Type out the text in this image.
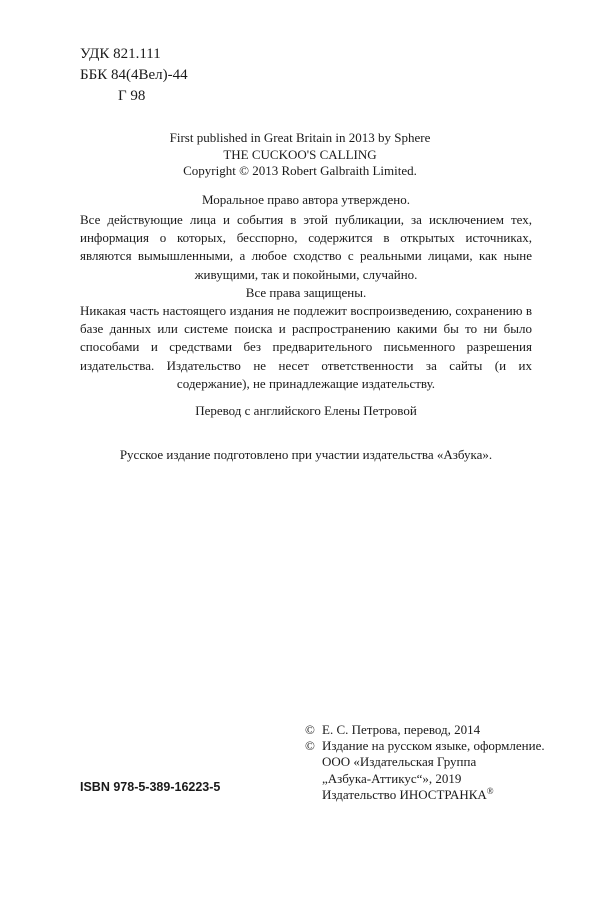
УДК 821.111
ББК 84(4Вел)-44
Г 98
First published in Great Britain in 2013 by Sphere
THE CUCKOO'S CALLING
Copyright © 2013 Robert Galbraith Limited.
Моральное право автора утверждено.
Все действующие лица и события в этой публикации, за исключением тех, информация о которых, бесспорно, содержится в открытых источниках, являются вымышленными, а любое сходство с реальными лицами, как ныне живущими, так и покойными, случайно.
Все права защищены.
Никакая часть настоящего издания не подлежит воспроизведению, сохранению в базе данных или системе поиска и распространению какими бы то ни было способами и средствами без предварительного письменного разрешения издательства. Издательство не несет ответственности за сайты (и их содержание), не принадлежащие издательству.
Перевод с английского Елены Петровой
Русское издание подготовлено при участии издательства «Азбука».
© Е. С. Петрова, перевод, 2014
© Издание на русском языке, оформление.
ООО «Издательская Группа
„Азбука-Аттикус“», 2019
Издательство ИНОСТРАНКА®
ISBN 978-5-389-16223-5
